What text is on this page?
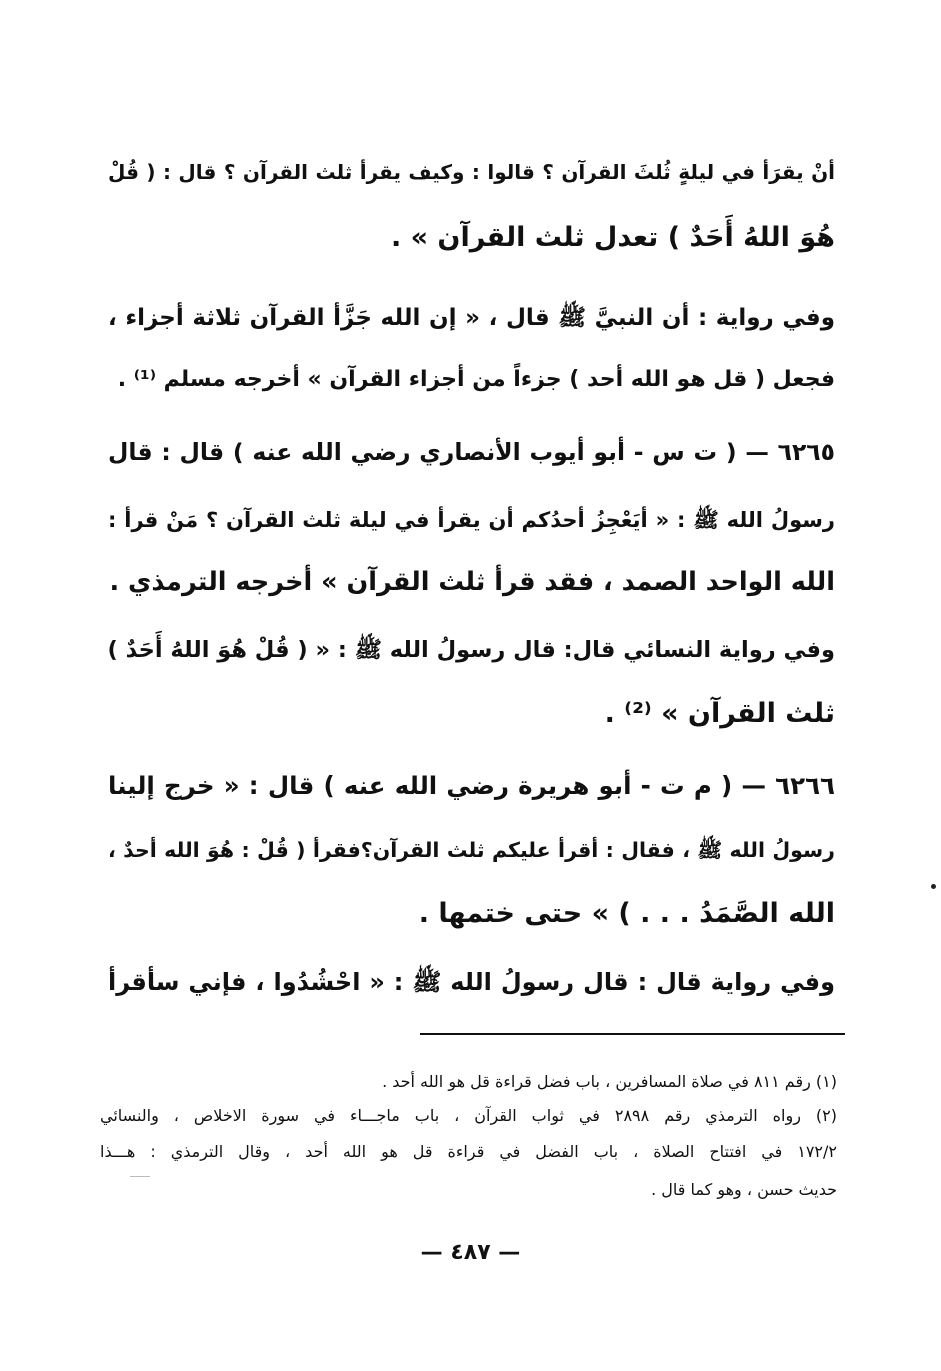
أنْ يقرَأ في ليلةٍ ثُلثَ القرآن ؟ قالوا : وكيف يقرأ ثلث القرآن ؟ قال : ( قُلْ
هُوَ اللهُ أَحَدٌ ) تعدل ثلث القرآن » .
وفي رواية : أن النبيَّ ﷺ قال ، « إن الله جَزَّأ القرآن ثلاثة أجزاء ،
فجعل ( قل هو الله أحد ) جزءاً من أجزاء القرآن » أخرجه مسلم ⁽¹⁾ .
٦٢٦٥ — ( ت س - أبو أيوب الأنصاري رضي الله عنه ) قال : قال
رسولُ الله ﷺ : « أيَعْجِزُ أحدُكم أن يقرأ في ليلة ثلث القرآن ؟ مَنْ قرأ :
الله الواحد الصمد ، فقد قرأ ثلث القرآن » أخرجه الترمذي .
وفي رواية النسائي قال: قال رسولُ الله ﷺ : « ( قُلْ هُوَ اللهُ أَحَدٌ )
ثلث القرآن » ⁽²⁾ .
٦٢٦٦ — ( م ت - أبو هريرة رضي الله عنه ) قال : « خرج إلينا
رسولُ الله ﷺ ، فقال : أقرأ عليكم ثلث القرآن؟فقرأ ( قُلْ : هُوَ الله أحدٌ ،
الله الصَّمَدُ . . . ) » حتى ختمها .
وفي رواية قال : قال رسولُ الله ﷺ : « احْشُدُوا ، فإني سأقرأ
(١) رقم ٨١١ في صلاة المسافرين ، باب فضل قراءة قل هو الله أحد .
(٢) رواه الترمذي رقم ٢٨٩٨ في ثواب القرآن ، باب ماجـــاء في سورة الاخلاص ، والنسائي
١٧٢/٢ في افتتاح الصلاة ، باب الفضل في قراءة قل هو الله أحد ، وقال الترمذي : هـــذا
حديث حسن ، وهو كما قال .
— ٤٨٧ —
